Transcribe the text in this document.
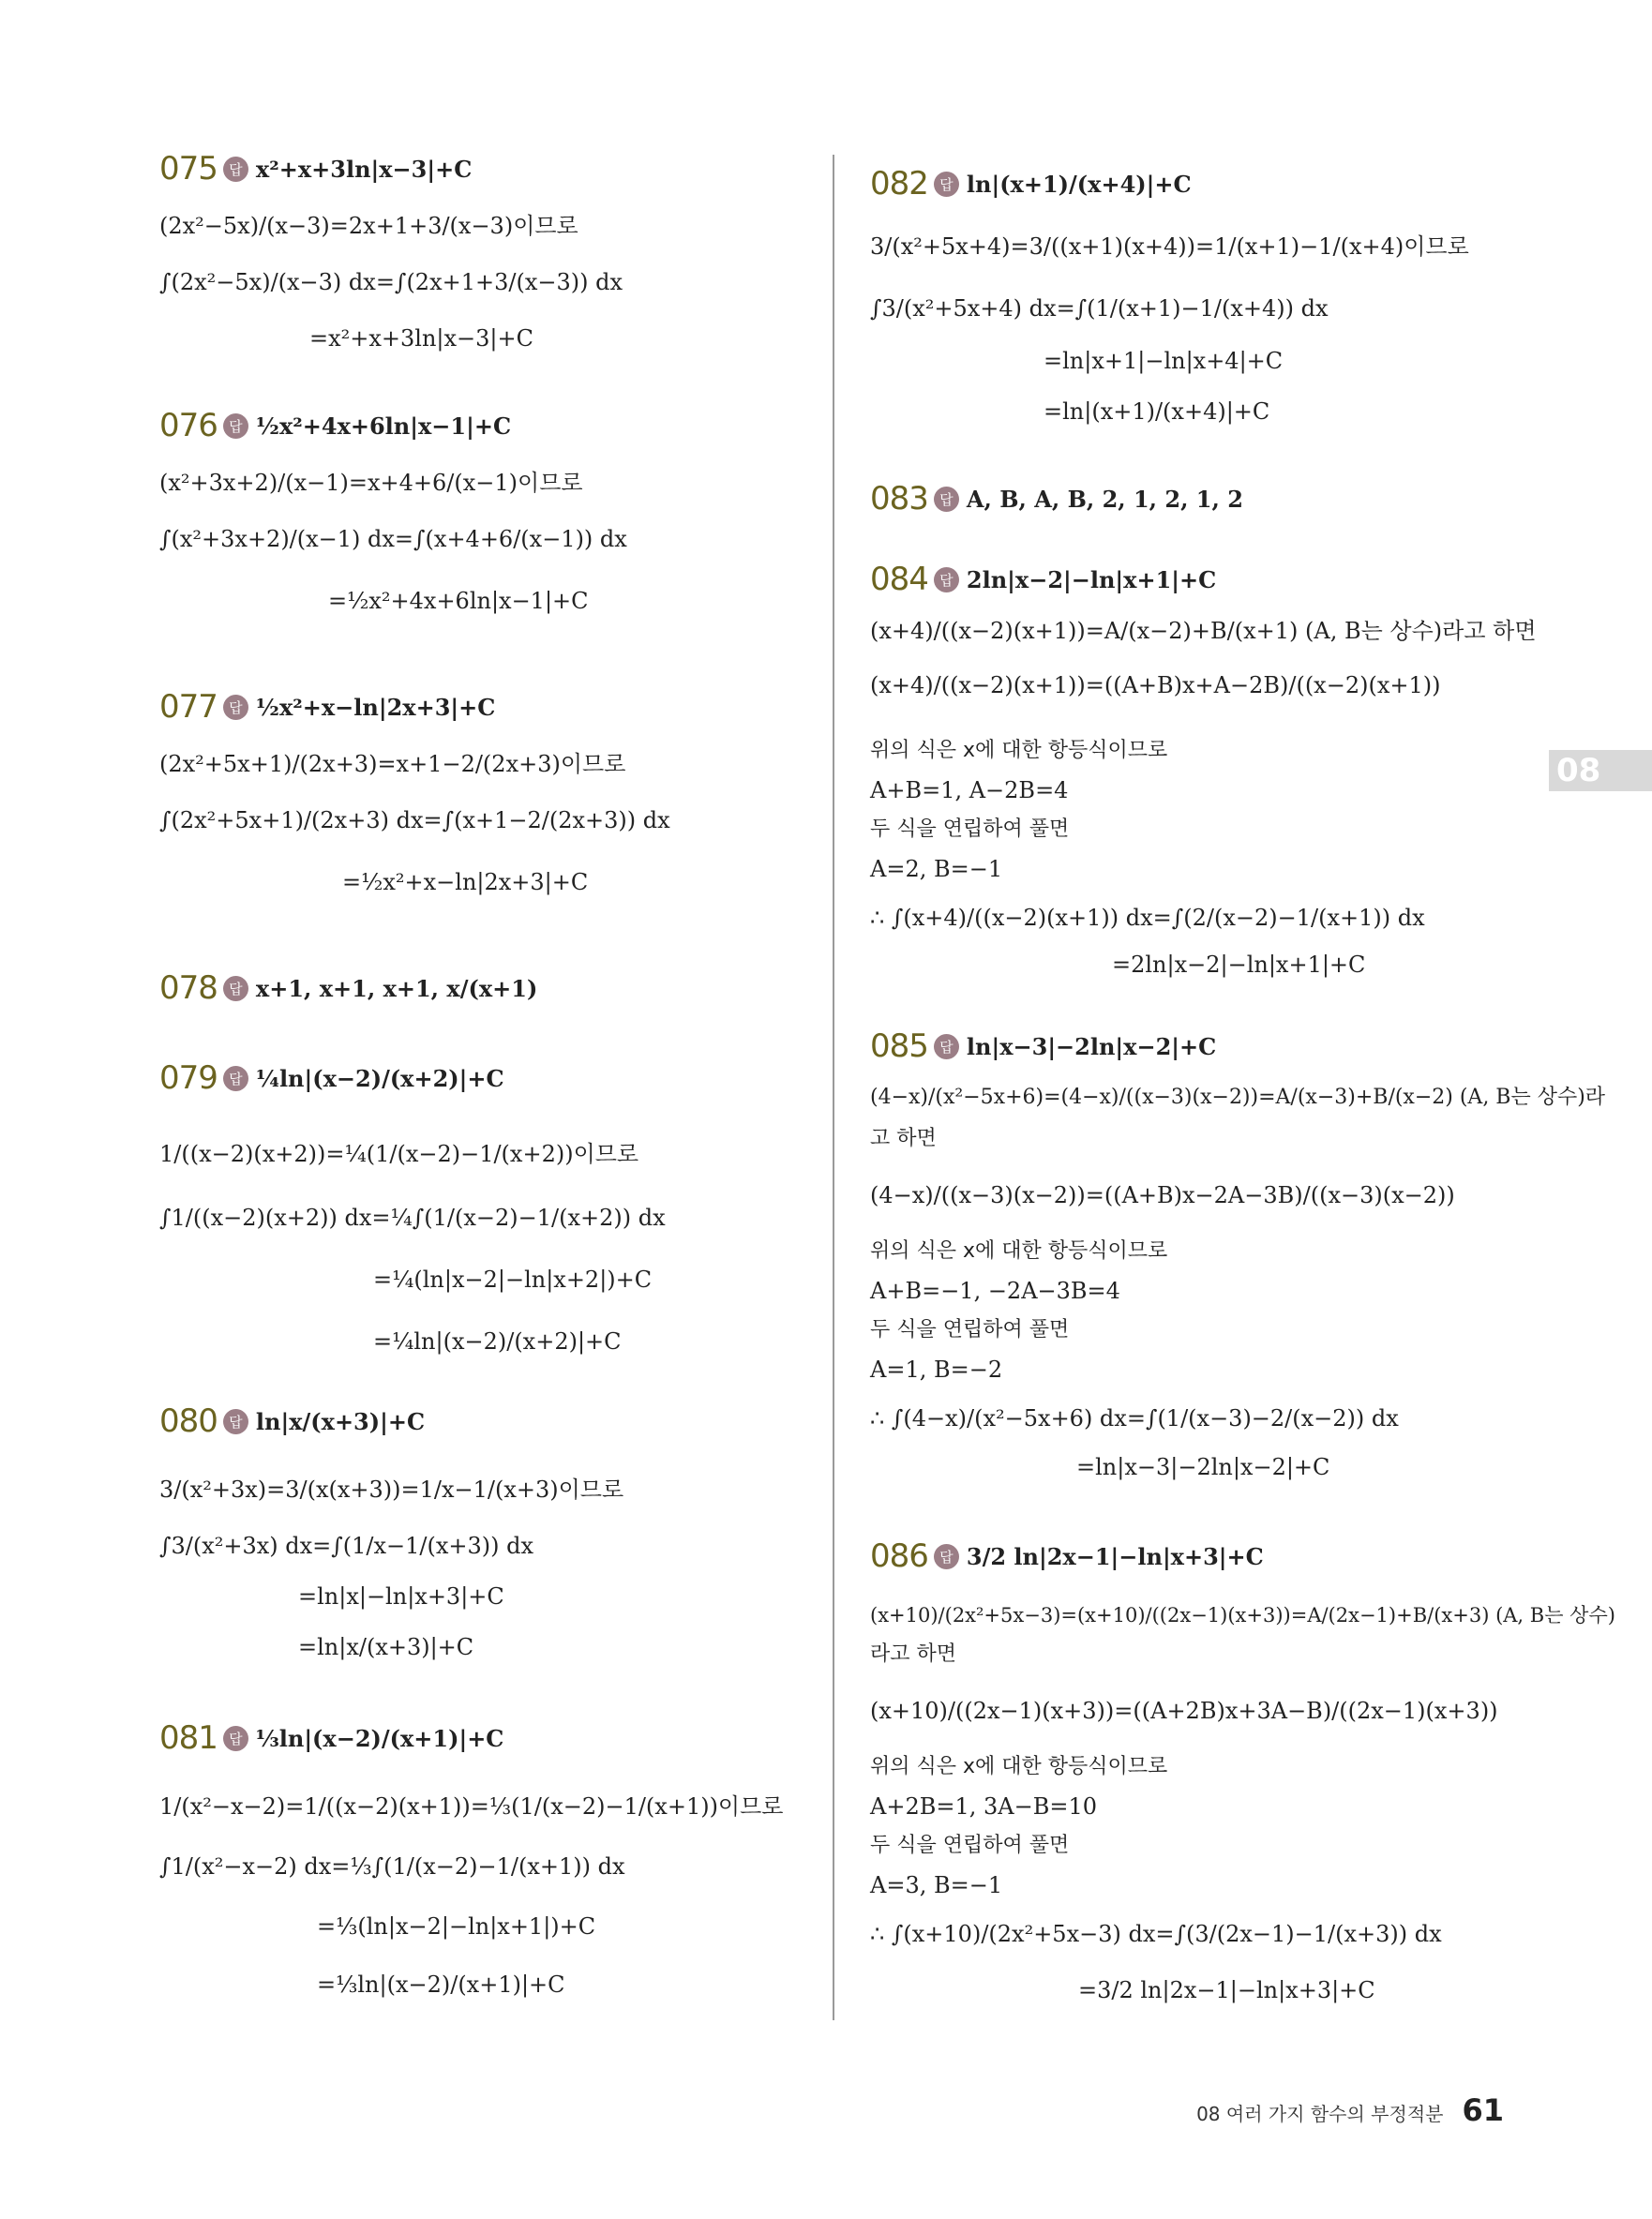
075 답 x²+x+3ln|x−3|+C
(2x²−5x)/(x−3)=2x+1+3/(x−3)이므로
∫(2x²−5x)/(x−3) dx=∫(2x+1+3/(x−3)) dx
=x²+x+3ln|x−3|+C
076 답 ½x²+4x+6ln|x−1|+C
(x²+3x+2)/(x−1)=x+4+6/(x−1)이므로
∫(x²+3x+2)/(x−1) dx=∫(x+4+6/(x−1)) dx
=½x²+4x+6ln|x−1|+C
077 답 ½x²+x−ln|2x+3|+C
(2x²+5x+1)/(2x+3)=x+1−2/(2x+3)이므로
∫(2x²+5x+1)/(2x+3) dx=∫(x+1−2/(2x+3)) dx
=½x²+x−ln|2x+3|+C
078 답 x+1, x+1, x+1, x/(x+1)
079 답 ¼ln|(x−2)/(x+2)|+C
1/((x−2)(x+2))=¼(1/(x−2)−1/(x+2))이므로
∫1/((x−2)(x+2)) dx=¼∫(1/(x−2)−1/(x+2)) dx
=¼(ln|x−2|−ln|x+2|)+C
=¼ln|(x−2)/(x+2)|+C
080 답 ln|x/(x+3)|+C
3/(x²+3x)=3/(x(x+3))=1/x−1/(x+3)이므로
∫3/(x²+3x) dx=∫(1/x−1/(x+3)) dx
=ln|x|−ln|x+3|+C
=ln|x/(x+3)|+C
081 답 ⅓ln|(x−2)/(x+1)|+C
1/(x²−x−2)=1/((x−2)(x+1))=⅓(1/(x−2)−1/(x+1))이므로
∫1/(x²−x−2) dx=⅓∫(1/(x−2)−1/(x+1)) dx
=⅓(ln|x−2|−ln|x+1|)+C
=⅓ln|(x−2)/(x+1)|+C
082 답 ln|(x+1)/(x+4)|+C
3/(x²+5x+4)=3/((x+1)(x+4))=1/(x+1)−1/(x+4)이므로
∫3/(x²+5x+4) dx=∫(1/(x+1)−1/(x+4)) dx
=ln|x+1|−ln|x+4|+C
=ln|(x+1)/(x+4)|+C
083 답 A, B, A, B, 2, 1, 2, 1, 2
084 답 2ln|x−2|−ln|x+1|+C
(x+4)/((x−2)(x+1))=A/(x−2)+B/(x+1) (A, B는 상수)라고 하면
(x+4)/((x−2)(x+1))=((A+B)x+A−2B)/((x−2)(x+1))
위의 식은 x에 대한 항등식이므로
A+B=1, A−2B=4
두 식을 연립하여 풀면
A=2, B=−1
∴ ∫(x+4)/((x−2)(x+1)) dx=∫(2/(x−2)−1/(x+1)) dx
=2ln|x−2|−ln|x+1|+C
085 답 ln|x−3|−2ln|x−2|+C
(4−x)/(x²−5x+6)=(4−x)/((x−3)(x−2))=A/(x−3)+B/(x−2) (A, B는 상수)라
고 하면
(4−x)/((x−3)(x−2))=((A+B)x−2A−3B)/((x−3)(x−2))
위의 식은 x에 대한 항등식이므로
A+B=−1, −2A−3B=4
두 식을 연립하여 풀면
A=1, B=−2
∴ ∫(4−x)/(x²−5x+6) dx=∫(1/(x−3)−2/(x−2)) dx
=ln|x−3|−2ln|x−2|+C
086 답 3/2 ln|2x−1|−ln|x+3|+C
(x+10)/(2x²+5x−3)=(x+10)/((2x−1)(x+3))=A/(2x−1)+B/(x+3) (A, B는 상수)
라고 하면
(x+10)/((2x−1)(x+3))=((A+2B)x+3A−B)/((2x−1)(x+3))
위의 식은 x에 대한 항등식이므로
A+2B=1, 3A−B=10
두 식을 연립하여 풀면
A=3, B=−1
∴ ∫(x+10)/(2x²+5x−3) dx=∫(3/(2x−1)−1/(x+3)) dx
=3/2 ln|2x−1|−ln|x+3|+C
08
08 여러 가지 함수의 부정적분 61
